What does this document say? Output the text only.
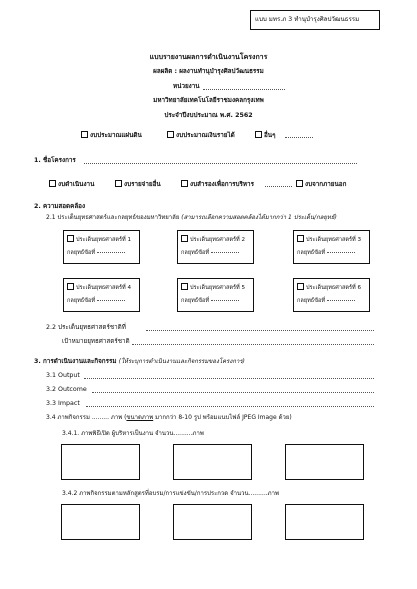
แบบ มทร.ภ 3 ทำนุบำรุงศิลปวัฒนธรรม
แบบรายงานผลการดำเนินงานโครงการ
ผลผลิต : ผลงานทำนุบำรุงศิลปวัฒนธรรม
หน่วยงาน
มหาวิทยาลัยเทคโนโลยีราชมงคลกรุงเทพ
ประจำปีงบประมาณ พ.ศ. 2562
งบประมาณแผ่นดิน	งบประมาณเงินรายได้	อื่นๆ
1. ชื่อโครงการ
งบดำเนินงาน	งบรายจ่ายอื่น	งบสำรองเพื่อการบริหาร	งบจากภายนอก
2. ความสอดคล้อง
2.1 ประเด็นยุทธศาสตร์และกลยุทธ์ของมหาวิทยาลัย (สามารถเลือกความสอดคล้องได้มากกว่า 1 ประเด็น/กลยุทธ์)
ประเด็นยุทธศาสตร์ที่ 1
กลยุทธ์ข้อที่
ประเด็นยุทธศาสตร์ที่ 2
กลยุทธ์ข้อที่
ประเด็นยุทธศาสตร์ที่ 3
กลยุทธ์ข้อที่
ประเด็นยุทธศาสตร์ที่ 4
กลยุทธ์ข้อที่
ประเด็นยุทธศาสตร์ที่ 5
กลยุทธ์ข้อที่
ประเด็นยุทธศาสตร์ที่ 6
กลยุทธ์ข้อที่
2.2 ประเด็นยุทธศาสตร์ชาติที่
เป้าหมายยุทธศาสตร์ชาติ
3. การดำเนินงานและกิจกรรม (ให้ระบุการดำเนินงานและกิจกรรมของโครงการ)
3.1 Output
3.2 Outcome
3.3 Impact
3.4 ภาพกิจกรรม ......... ภาพ (ขนาดภาพ มากกว่า 8-10 รูป พร้อมแนบไฟล์ JPEG Image ด้วย)
3.4.1. ภาพพิธีเปิด ผู้บริหารเป็นงาน จำนวน..........ภาพ
3.4.2 ภาพกิจกรรมตามหลักสูตรที่อบรม/การแข่งขัน/การประกวด จำนวน..........ภาพ
